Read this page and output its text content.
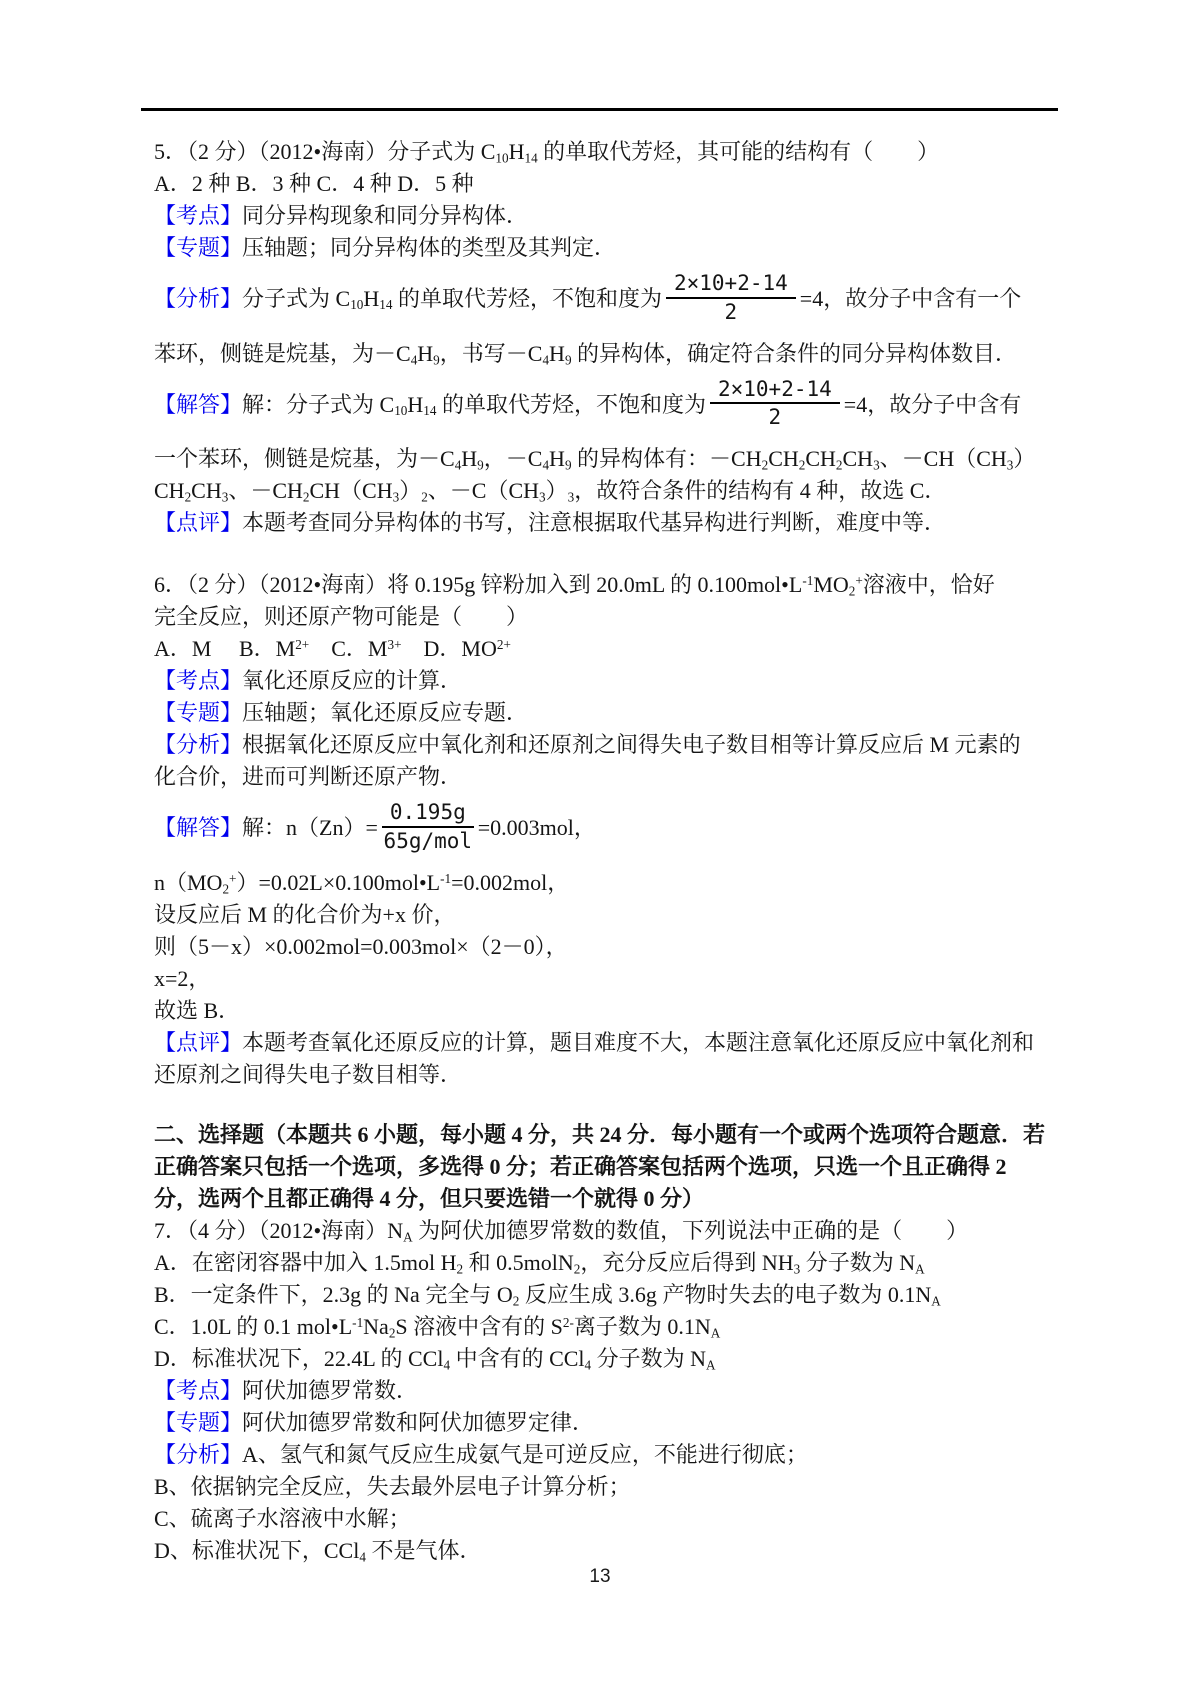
5．（2 分）（2012•海南）分子式为 $C_{10}H_{14}$ 的单取代芳烃，其可能的结构有（　　）
A．2 种 B．3 种 C．4 种 D．5 种
【考点】同分异构现象和同分异构体．
【专题】压轴题；同分异构体的类型及其判定．
【分析】分子式为 $C_{10}H_{14}$ 的单取代芳烃，不饱和度为 $\frac{2\times 10+2-14}{2} =4$，故分子中含有一个
苯环，侧链是烷基，为$-C_4H_9$，书写$-C_4H_9$ 的异构体，确定符合条件的同分异构体数目．
【解答】解：分子式为 $C_{10}H_{14}$ 的单取代芳烃，不饱和度为 $\frac{2\times 10+2-14}{2} =4$，故分子中含有
一个苯环，侧链是烷基，为$-C_4H_9$，$-C_4H_9$ 的异构体有：$-CH_2CH_2CH_2CH_3$、$-CH(CH_3)$
$CH_2CH_3$、$-CH_2CH(CH_3)_2$、$-C(CH_3)_3$，故符合条件的结构有 4 种，故选 C．
【点评】本题考查同分异构体的书写，注意根据取代基异构进行判断，难度中等．
6．（2 分）（2012•海南）将 0.195g 锌粉加入到 20.0mL 的 $0.100mol•L^{-1}MO_2^+$溶液中，恰好
完全反应，则还原产物可能是（　　）
A．M　 B．$M^{2+}$　C．$M^{3+}$　D．$MO^{2+}$
【考点】氧化还原反应的计算．
【专题】压轴题；氧化还原反应专题．
【分析】根据氧化还原反应中氧化剂和还原剂之间得失电子数目相等计算反应后 M 元素的
化合价，进而可判断还原产物．
【解答】解：$n(Zn)= \frac{0.195g}{\text{65g/mol}} =0.003mol$，
$n(MO_2^+)=0.02L\times 0.100mol•L^{-1}=0.002mol$，
设反应后 M 的化合价为+x 价，
则（5－x）×0.002mol=0.003mol×（2－0），
x=2，
故选 B．
【点评】本题考查氧化还原反应的计算，题目难度不大，本题注意氧化还原反应中氧化剂和
还原剂之间得失电子数目相等．
二、选择题（本题共 6 小题，每小题 4 分，共 24 分．每小题有一个或两个选项符合题意．若
正确答案只包括一个选项，多选得 0 分；若正确答案包括两个选项，只选一个且正确得 2
分，选两个且都正确得 4 分，但只要选错一个就得 0 分）
7．（4 分）（2012•海南）$N_A$ 为阿伏加德罗常数的数值，下列说法中正确的是（　　）
A．在密闭容器中加入 1.5mol $H_2$ 和 0.5molN$_2$，充分反应后得到 $NH_3$ 分子数为 $N_A$
B．一定条件下，2.3g 的 Na 完全与 $O_2$ 反应生成 3.6g 产物时失去的电子数为 $0.1N_A$
C．1.0L 的 0.1 $mol•L^{-1}Na_2S$ 溶液中含有的 $S^{2-}$离子数为 $0.1N_A$
D．标准状况下，22.4L 的 CCl$_4$ 中含有的 CCl$_4$ 分子数为 $N_A$
【考点】阿伏加德罗常数．
【专题】阿伏加德罗常数和阿伏加德罗定律．
【分析】A、氢气和氮气反应生成氨气是可逆反应，不能进行彻底；
B、依据钠完全反应，失去最外层电子计算分析；
C、硫离子水溶液中水解；
D、标准状况下，CCl$_4$ 不是气体．
13
